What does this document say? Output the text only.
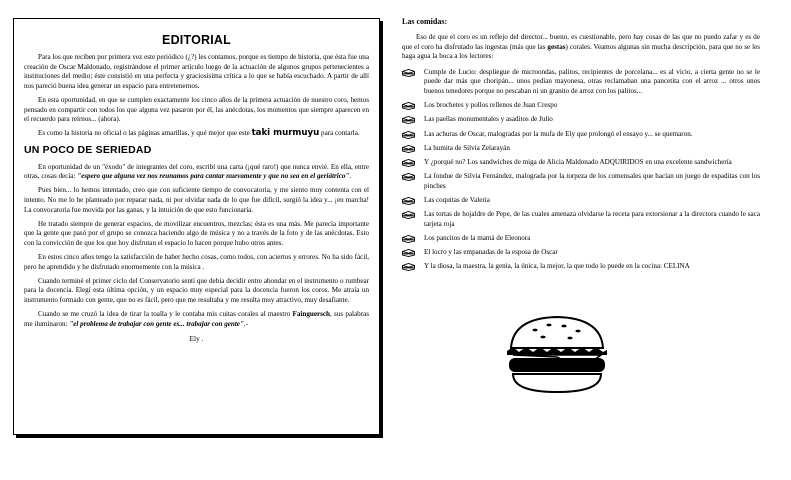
EDITORIAL

Para los que reciben por primera vez este periódico (¿?) les contamos, porque es tiempo de historia, que ésta fue una creación de Oscar Maldonado, registrándose el primer artículo luego de la actuación de algunos grupos pertenecientes a instituciones del medio; éste consistió en una perfecta y graciosísima crítica a lo que se había escuchado. A partir de allí nos pareció buena idea generar un espacio para entretenernos.

En esta oportunidad, en que se cumplen exactamente los cinco años de la primera actuación de nuestro coro, hemos pensado en compartir con todos los que alguna vez pasaron por él, las anécdotas, los momentos que siempre aparecen en el recuerdo para reírnos... (ahora).

Es como la historia no oficial o las páginas amarillas, y qué mejor que este taki murmuyu para contarla.

UN POCO DE SERIEDAD

En oportunidad de un "éxodo" de integrantes del coro, escribí una carta (¡qué raro!) que nunca envié. En ella, entre otras, cosas decía: "espero que alguna vez nos reunamos para cantar nuevamente y que no sea en el geriátrico".

Pues bien... lo hemos intentado, creo que con suficiente tiempo de convocatoria, y me siento muy contenta con el intento. No me lo he planteado por reparar nada, ni por olvidar nada de lo que fue difícil, surgió la idea y... ¡en marcha! La convocatoria fue movida por las ganas, y la intuición de que esto funcionaría.

He tratado siempre de generar espacios, de movilizar encuentros, mezclas; ésta es una más. Me parecía importante que la gente que pasó por el grupo se conozca haciendo algo de música y no a través de la foto y de las anécdotas. Esto con la convicción de que los que hoy disfrutan el espacio lo hacen porque hubo otros antes.

En estos cinco años tengo la satisfacción de haber hecho cosas, como todos, con aciertos y errores. No ha sido fácil, pero he aprendido y he disfrutado enormemente con la música .

Cuando terminé el primer ciclo del Conservatorio sentí que debía decidir entre abondar en el instrumento o rumbear para la docencia. Elegí esta última opción, y un espacio muy especial para la docencia fueron los coros. Me atraía un instrumento formado con gente, que no es fácil, pero que me resultaba y me resulta muy atractivo, muy desafiante.

Cuando se me cruzó la idea de tirar la toalla y le contaba mis cuitas corales al maestro Fainguersch, sus palabras me iluminaron: "el problema de trabajar con gente es... trabajar con gente".-

Ely .
Las comidas:

Eso de que el coro es un reflejo del director... bueno, es cuestionable, pero hay cosas de las que no puedo zafar y es de que el coro ha disfrutado las ingestas (más que las gestas) corales. Veamos algunas sin mucha descripción, para que no se les haga agua la boca a los lectores:

Cumple de Lucio: despliegue de microondas, palitos, recipientes de porcelana... es al vicio, a cierta gente no se le puede dar más que choripán... unos pedían mayonesa, otras reclamaban una pancetita con el arroz ... otros unos buenos tenedores porque no pescaban ni un granito de arroz con los palitos...
Los brochetes y pollos rellenos de Juan Crespo
Las paellas monumentales y asaditos de Julio
Las achuras de Oscar, malogradas por la mufa de Ely que prolongó el ensayo y... se quemaron.
La humita de Silvia Zelarayán
Y ¿porqué no? Los sandwiches de miga de Alicia Maldonado ADQUIRIDOS en una excelente sandwichería
La fondue de Silvia Fernández, malograda por la torpeza de los comensales que hacían un juego de espaditas con los pinches
Las coquitas de Valeria
Las tortas de hojaldre de Pepe, de las cuales amenaza olvidarse la receta para extorsionar a la directora cuando le saca tarjeta roja
Los pancitos de la mamá de Eleonora
El locro y las empanadas de la esposa de Oscar
Y la diosa, la maestra, la genia, la única, la mejor, la que todo lo puede en la cocina: CELINA
